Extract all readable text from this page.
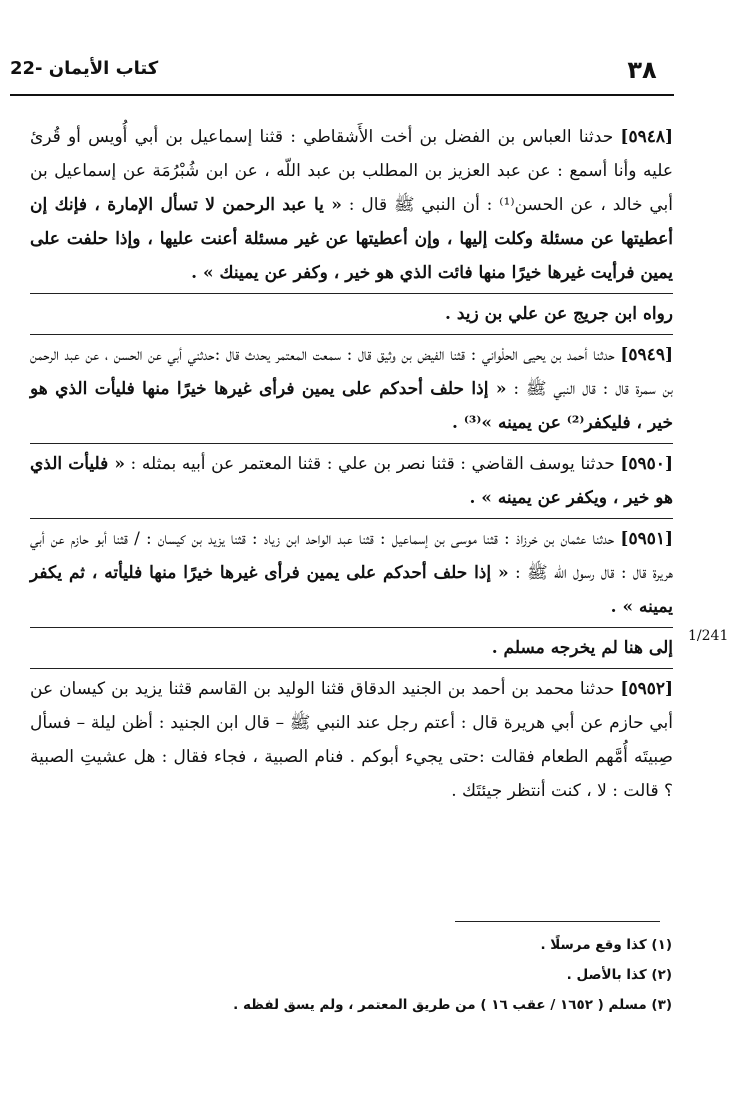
٣٨
22- كتاب الأيمان

[٥٩٤٨] حدثنا العباس بن الفضل بن أخت الأَشقاطي : قثنا إسماعيل بن أبي أُويس أو قُرئ عليه وأنا أسمع : عن عبد العزيز بن المطلب بن عبد اللّه ، عن ابن شُبْرُمَة عن إسماعيل بن أبي خالد ، عن الحسن⁽¹⁾ : أن النبي ﷺ قال : « يا عبد الرحمن لا تسأل الإمارة ، فإنك إن أعطيتها عن مسئلة وكلت إليها ، وإن أعطيتها عن غير مسئلة أعنت عليها ، وإذا حلفت على يمين فرأيت غيرها خيرًا منها فائت الذي هو خير ، وكفر عن يمينك » .

رواه ابن جريج عن علي بن زيد .

[٥٩٤٩] حدثنا أحمد بن يحيى الحلْواني : قثنا الفيض بن وثيق قال : سمعت المعتمر يحدث قال :حدثني أبي عن الحسن ، عن عبد الرحمن بن سمرة قال : قال النبي ﷺ : « إذا حلف أحدكم على يمين فرأى غيرها خيرًا منها فليأت الذي هو خير ، فليكفر⁽²⁾ عن يمينه »⁽³⁾ .

[٥٩٥٠] حدثنا يوسف القاضي : قثنا نصر بن علي : قثنا المعتمر عن أبيه بمثله : « فليأت الذي هو خير ، ويكفر عن يمينه » .

[٥٩٥١] حدثنا عثمان بن خرزاذ : قثنا موسى بن إسماعيل : قثنا عبد الواحد ابن زياد : قثنا يزيد بن كيسان : / قثنا أبو حازم عن أبي هريرة قال : قال رسول اللّه ﷺ : « إذا حلف أحدكم على يمين فرأى غيرها خيرًا منها فليأته ، ثم يكفر يمينه » .

إلى هنا لم يخرجه مسلم .

[٥٩٥٢] حدثنا محمد بن أحمد بن الجنيد الدقاق قثنا الوليد بن القاسم قثنا يزيد بن كيسان عن أبي حازم عن أبي هريرة قال : أعتم رجل عند النبي ﷺ – قال ابن الجنيد : أظن ليلة – فسأل صِبيتَه أُمَّهم الطعام فقالت :حتى يجيء أبوكم . فنام الصبية ، فجاء فقال : هل عشيتِ الصبية ؟ قالت : لا ، كنت أنتظر جيئتَك .

1/241
(١) كذا وقع مرسلًا .
(٢) كذا بالأصل .
(٣) مسلم ( ١٦٥٢ / عقب ١٦ ) من طريق المعتمر ، ولم يسق لفظه .
